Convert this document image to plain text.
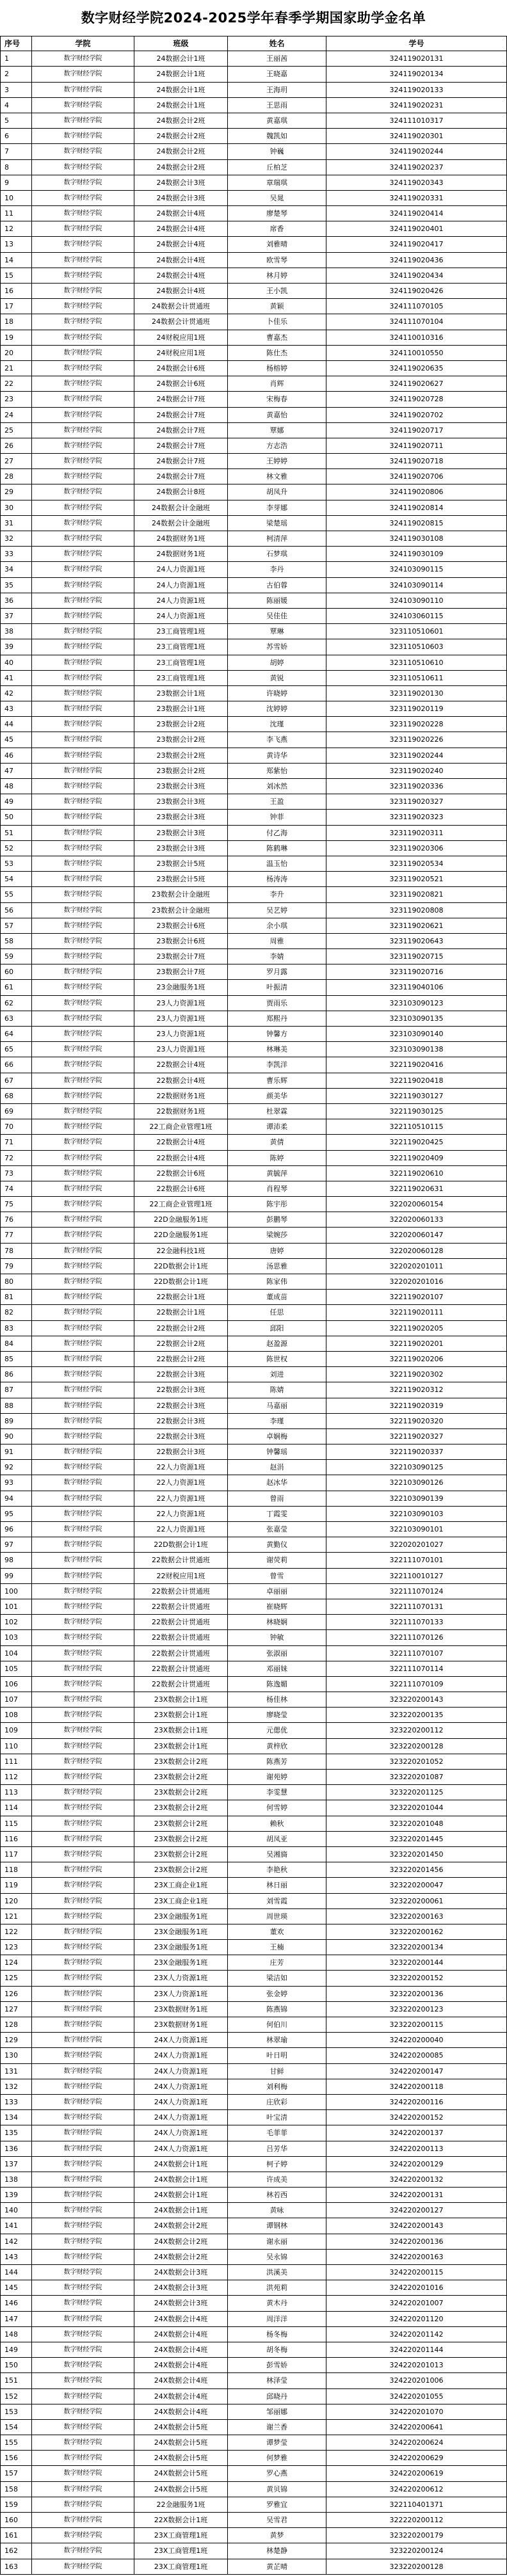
数字财经学院2024-2025学年春季学期国家助学金名单
序号	学院	班级	姓名	学号
1	数字财经学院	24数据会计1班	王丽茜	324119020131
2	数字财经学院	24数据会计1班	王晓嘉	324119020134
3	数字财经学院	24数据会计1班	王海玥	324119020133
4	数字财经学院	24数据会计1班	王思雨	324119020231
5	数字财经学院	24数据会计2班	黄嘉琪	324111010317
6	数字财经学院	24数据会计2班	魏凯如	324119020301
7	数字财经学院	24数据会计2班	钟巍	324119020244
8	数字财经学院	24数据会计2班	丘柏芝	324119020237
9	数字财经学院	24数据会计3班	章瑞琪	324119020343
10	数字财经学院	24数据会计3班	吴晁	324119020331
11	数字财经学院	24数据会计4班	廖楚琴	324119020414
12	数字财经学院	24数据会计4班	席香	324119020401
13	数字财经学院	24数据会计4班	刘雅晴	324119020417
14	数字财经学院	24数据会计4班	欧雪琴	324119020436
15	数字财经学院	24数据会计4班	林月婷	324119020434
16	数字财经学院	24数据会计4班	王小凯	324119020426
17	数字财经学院	24数据会计贯通班	黄颖	324111070105
18	数字财经学院	24数据会计贯通班	卜佳乐	324111070104
19	数字财经学院	24财税应用1班	曹嘉杰	324110010316
20	数字财经学院	24财税应用1班	陈仕杰	324110010550
21	数字财经学院	24数据会计6班	杨榕婷	324119020635
22	数字财经学院	24数据会计6班	肖辉	324119020627
23	数字财经学院	24数据会计7班	宋梅春	324119020728
24	数字财经学院	24数据会计7班	黄嘉怡	324119020702
25	数字财经学院	24数据会计7班	覃娜	324119020717
26	数字财经学院	24数据会计7班	方志浩	324119020711
27	数字财经学院	24数据会计7班	王婷婷	324119020718
28	数字财经学院	24数据会计7班	林文雅	324119020706
29	数字财经学院	24数据会计8班	胡凤升	324119020806
30	数字财经学院	24数据会计金融班	李芽娜	324119020814
31	数字财经学院	24数据会计金融班	梁楚瑶	324119020815
32	数字财经学院	24数据财务1班	柯清萍	324119030108
33	数字财经学院	24数据财务1班	石梦琪	324119030109
34	数字财经学院	24人力资源1班	李丹	324103090115
35	数字财经学院	24人力资源1班	古伯蓉	324103090114
36	数字财经学院	24人力资源1班	陈丽媛	324103090110
37	数字财经学院	24人力资源1班	吴佳佳	324103060115
38	数字财经学院	23工商管理1班	覃琳	323110510601
39	数字财经学院	23工商管理1班	苏雪娇	323110510603
40	数字财经学院	23工商管理1班	胡婷	323110510610
41	数字财经学院	23工商管理1班	黄锐	323110510611
42	数字财经学院	23数据会计1班	许晓婷	323119020130
43	数字财经学院	23数据会计1班	沈婷婷	323119020119
44	数字财经学院	23数据会计2班	沈瑾	323119020228
45	数字财经学院	23数据会计2班	李飞燕	323119020226
46	数字财经学院	23数据会计2班	黄诗华	323119020244
47	数字财经学院	23数据会计2班	郑紫怡	323119020240
48	数字财经学院	23数据会计3班	刘冰然	323119020336
49	数字财经学院	23数据会计3班	王盈	323119020327
50	数字财经学院	23数据会计3班	钟菲	323119020323
51	数字财经学院	23数据会计3班	付乙海	323119020311
52	数字财经学院	23数据会计3班	陈鹤琳	323119020306
53	数字财经学院	23数据会计5班	温玉怡	323119020534
54	数字财经学院	23数据会计5班	杨涛涛	323119020521
55	数字财经学院	23数据会计金融班	李升	323119020821
56	数字财经学院	23数据会计金融班	吴艺婷	323119020808
57	数字财经学院	23数据会计6班	余小琪	323119020621
58	数字财经学院	23数据会计6班	周雅	323119020643
59	数字财经学院	23数据会计7班	李婧	323119020715
60	数字财经学院	23数据会计7班	罗月露	323119020716
61	数字财经学院	23金融服务1班	叶振清	323119040106
62	数字财经学院	23人力资源1班	贾雨乐	323103090123
63	数字财经学院	23人力资源1班	郑熙丹	323103090135
64	数字财经学院	23人力资源1班	钟馨方	323103090140
65	数字财经学院	23人力资源1班	林琳美	323103090138
66	数字财经学院	22数据会计4班	李凯洋	322119020416
67	数字财经学院	22数据会计4班	曹乐辉	322119020418
68	数字财经学院	22数据财务1班	颜美华	322119030127
69	数字财经学院	22数据财务1班	杜翠霖	322119030125
70	数字财经学院	22工商企业管理1班	谭沛柔	322110510115
71	数字财经学院	22数据会计4班	黄倩	322119020425
72	数字财经学院	22数据会计4班	陈婷	322119020409
73	数字财经学院	22数据会计6班	黄毓萍	322119020610
74	数字财经学院	22数据会计6班	肖程琴	322119020631
75	数字财经学院	22工商企业管理1班	陈宇彤	322020060154
76	数字财经学院	22D金融服务1班	彭鹏琴	322020060133
77	数字财经学院	22D金融服务1班	梁婉莎	322020060147
78	数字财经学院	22金融科技1班	唐婷	322020060128
79	数字财经学院	22D数据会计1班	汤思雅	322020201011
80	数字财经学院	22D数据会计1班	陈家伟	322020201016
81	数字财经学院	22数据会计1班	董成苗	322119020107
82	数字财经学院	22数据会计1班	任思	322119020111
83	数字财经学院	22数据会计2班	邱阳	322119020205
84	数字财经学院	22数据会计2班	赵盈源	322119020201
85	数字财经学院	22数据会计2班	陈世权	322119020206
86	数字财经学院	22数据会计3班	刘进	322119020302
87	数字财经学院	22数据会计3班	陈婧	322119020312
88	数字财经学院	22数据会计3班	马嘉丽	322119020319
89	数字财经学院	22数据会计3班	李瑾	322119020320
90	数字财经学院	22数据会计3班	卓娴梅	322119020327
91	数字财经学院	22数据会计3班	钟馨瑶	322119020337
92	数字财经学院	22人力资源1班	赵涓	322103090125
93	数字财经学院	22人力资源1班	赵冰华	322103090126
94	数字财经学院	22人力资源1班	曾雨	322103090139
95	数字财经学院	22人力资源1班	丁霞雯	322103090103
96	数字财经学院	22人力资源1班	张嘉莹	322103090101
97	数字财经学院	22D数据会计1班	黄勤仪	322020201027
98	数字财经学院	22数据会计贯通班	谢荧莉	322111070101
99	数字财经学院	22财税应用1班	曾雪	322110010127
100	数字财经学院	22数据会计贯通班	卓丽丽	322111070124
101	数字财经学院	22数据会计贯通班	崔晓辉	322111070131
102	数字财经学院	22数据会计贯通班	林晓娴	322111070133
103	数字财经学院	22数据会计贯通班	钟敏	322111070126
104	数字财经学院	22数据会计贯通班	张淑丽	322111070107
105	数字财经学院	22数据会计贯通班	邓丽妹	322111070114
106	数字财经学院	22数据会计贯通班	陈逸媚	322111070109
107	数字财经学院	23X数据会计1班	杨佳林	323220200143
108	数字财经学院	23X数据会计1班	廖晓莹	323220200135
109	数字财经学院	23X数据会计1班	元偲优	323220200112
110	数字财经学院	23X数据会计1班	黄梓欣	323220200128
111	数字财经学院	23X数据会计2班	陈燕芳	323220201052
112	数字财经学院	23X数据会计2班	谢苑婷	323220201087
113	数字财经学院	23X数据会计2班	李雯慧	323220201125
114	数字财经学院	23X数据会计2班	何雪婷	323220201044
115	数字财经学院	23X数据会计2班	赖秋	323220201048
116	数字财经学院	23X数据会计2班	胡凤亚	323220201445
117	数字财经学院	23X数据会计2班	吴湘旖	323220201450
118	数字财经学院	23X数据会计2班	李艳秋	323220201456
119	数字财经学院	23X工商企业1班	林日丽	323220200047
120	数字财经学院	23X工商企业1班	刘雪霞	323220200061
121	数字财经学院	23X金融服务1班	周世瑛	323220200163
122	数字财经学院	23X金融服务1班	董欢	323220200162
123	数字财经学院	23X金融服务1班	王楠	323220200134
124	数字财经学院	23X金融服务1班	庄芳	323220200144
125	数字财经学院	23X人力资源1班	梁洁如	323220200152
126	数字财经学院	23X人力资源1班	张金婷	323220200136
127	数字财经学院	23X数据财务1班	陈燕锦	323220200123
128	数字财经学院	23X数据财务1班	何伯川	323220200115
129	数字财经学院	24X人力资源1班	林翠瑜	324220200040
130	数字财经学院	24X人力资源1班	叶日明	324220200085
131	数字财经学院	24X人力资源1班	甘鲜	324220200147
132	数字财经学院	24X人力资源1班	刘利梅	324220200118
133	数字财经学院	24X人力资源1班	庄欣彩	324220200116
134	数字财经学院	24X人力资源1班	叶宝清	324220200152
135	数字财经学院	24X人力资源1班	毛菲菲	324220200137
136	数字财经学院	24X人力资源1班	吕芳华	324220200113
137	数字财经学院	24X数据会计1班	柯子婷	324220200129
138	数字财经学院	24X数据会计1班	许成美	324220200132
139	数字财经学院	24X数据会计1班	林若西	324220200131
140	数字财经学院	24X数据会计1班	黄咏	324220200127
141	数字财经学院	24X数据会计2班	谭钢林	324220200143
142	数字财经学院	24X数据会计2班	谢永丽	324220200136
143	数字财经学院	24X数据会计2班	吴永锦	324220200163
144	数字财经学院	24X数据会计3班	洪溪美	324220200115
145	数字财经学院	24X数据会计3班	洪苑莉	324220201016
146	数字财经学院	24X数据会计3班	黄木丹	324220201007
147	数字财经学院	24X数据会计4班	周洋洋	324220201120
148	数字财经学院	24X数据会计4班	杨冬梅	324220201142
149	数字财经学院	24X数据会计4班	胡冬梅	324220201144
150	数字财经学院	24X数据会计4班	彭雪娇	324220201013
151	数字财经学院	24X数据会计4班	林泽莹	324220201006
152	数字财经学院	24X数据会计4班	邱晓丹	324220201055
153	数字财经学院	24X数据会计4班	邹丽娜	324220201070
154	数字财经学院	24X数据会计5班	谢兰香	324220200641
155	数字财经学院	24X数据会计5班	谭梦莹	324220200624
156	数字财经学院	24X数据会计5班	何梦雅	324220200629
157	数字财经学院	24X数据会计5班	罗心燕	324220200619
158	数字财经学院	24X数据会计5班	黄贝锦	324220200612
159	数字财经学院	22金融服务1班	罗雅宜	322110401371
160	数字财经学院	22X数据会计1班	吴雪君	322220200112
161	数字财经学院	23X工商管理1班	黄梦	323220200179
162	数字财经学院	23X工商管理1班	林楚静	323220200124
163	数字财经学院	23X工商管理1班	黄芷晴	323220200128
